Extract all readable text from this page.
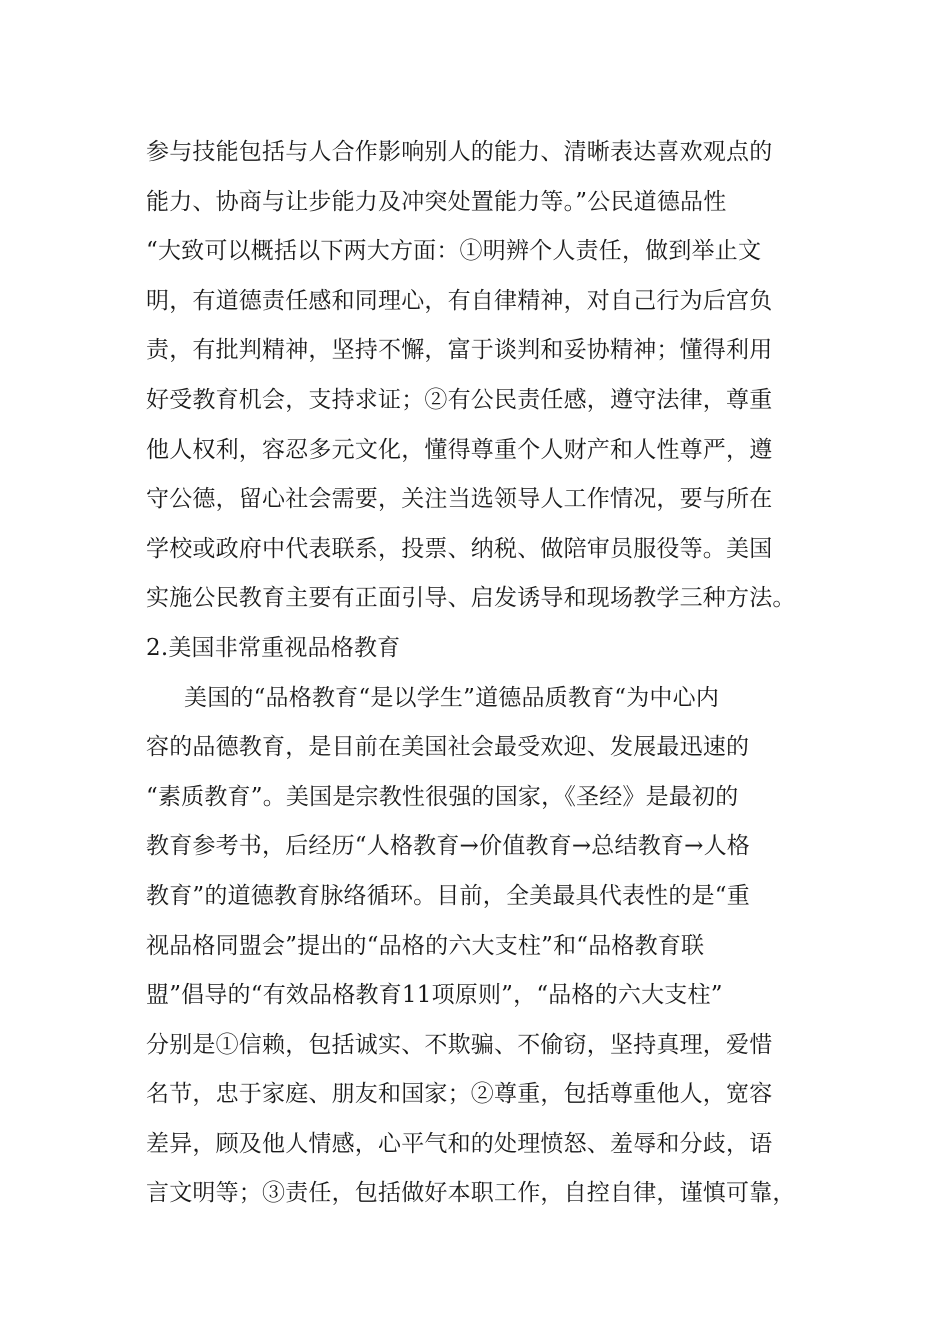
参与技能包括与人合作影响别人的能力、清晰表达喜欢观点的
能力、协商与让步能力及冲突处置能力等。”公民道德品性
“大致可以概括以下两大方面：①明辨个人责任，做到举止文
明，有道德责任感和同理心，有自律精神，对自己行为后宫负
责，有批判精神，坚持不懈，富于谈判和妥协精神；懂得利用
好受教育机会，支持求证；②有公民责任感，遵守法律，尊重
他人权利，容忍多元文化，懂得尊重个人财产和人性尊严，遵
守公德，留心社会需要，关注当选领导人工作情况，要与所在
学校或政府中代表联系，投票、纳税、做陪审员服役等。美国
实施公民教育主要有正面引导、启发诱导和现场教学三种方法。
2.美国非常重视品格教育
美国的“品格教育“是以学生”道德品质教育“为中心内
容的品德教育，是目前在美国社会最受欢迎、发展最迅速的
“素质教育”。美国是宗教性很强的国家，《圣经》是最初的
教育参考书，后经历“人格教育→价值教育→总结教育→人格
教育”的道德教育脉络循环。目前，全美最具代表性的是“重
视品格同盟会”提出的“品格的六大支柱”和“品格教育联
盟”倡导的“有效品格教育11项原则”，“品格的六大支柱”
分别是①信赖，包括诚实、不欺骗、不偷窃，坚持真理，爱惜
名节，忠于家庭、朋友和国家；②尊重，包括尊重他人，宽容
差异，顾及他人情感，心平气和的处理愤怒、羞辱和分歧，语
言文明等；③责任，包括做好本职工作，自控自律，谨慎可靠，
